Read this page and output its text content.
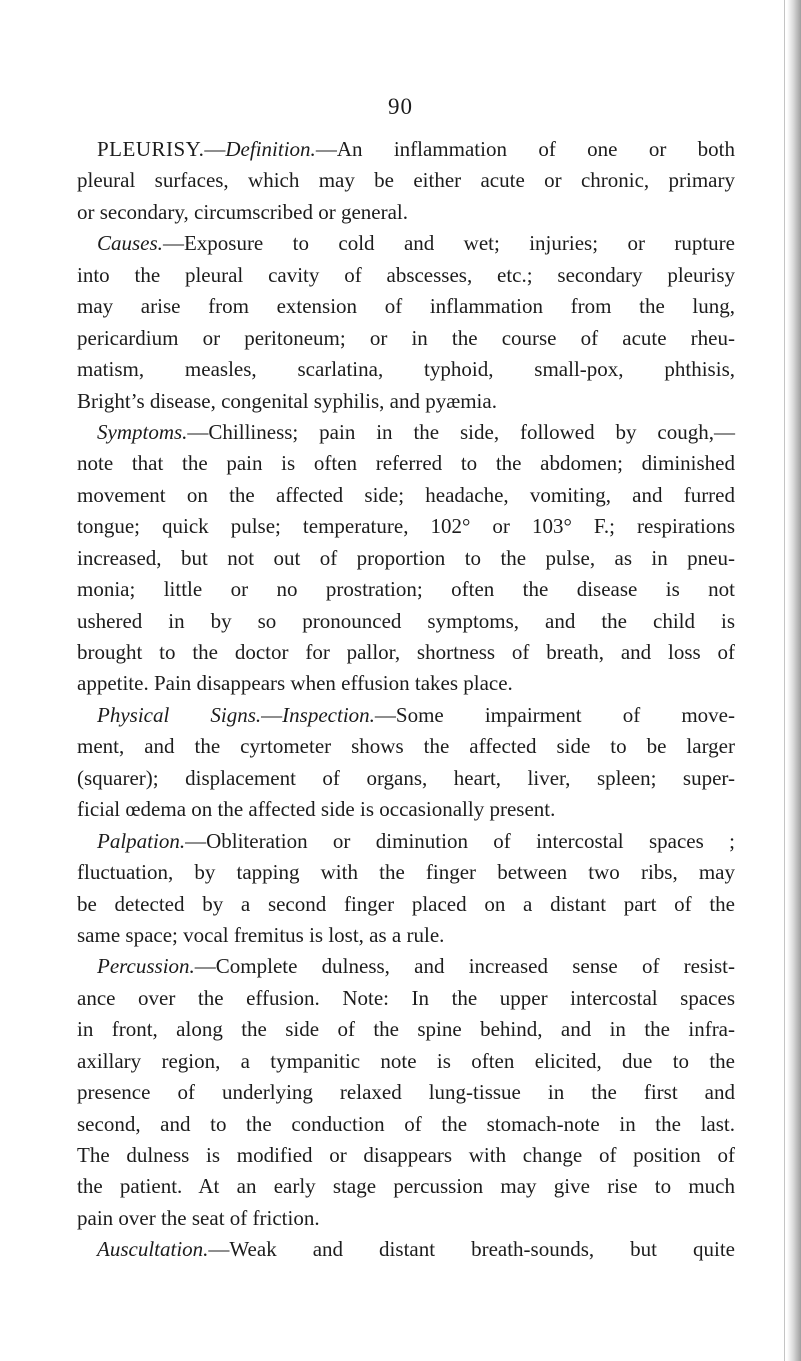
90
PLEURISY.—Definition.—An inflammation of one or both
pleural surfaces, which may be either acute or chronic, primary
or secondary, circumscribed or general.
Causes.—Exposure to cold and wet; injuries; or rupture
into the pleural cavity of abscesses, etc.; secondary pleurisy
may arise from extension of inflammation from the lung,
pericardium or peritoneum; or in the course of acute rheu-
matism, measles, scarlatina, typhoid, small-pox, phthisis,
Bright’s disease, congenital syphilis, and pyæmia.
Symptoms.—Chilliness; pain in the side, followed by cough,—
note that the pain is often referred to the abdomen; diminished
movement on the affected side; headache, vomiting, and furred
tongue; quick pulse; temperature, 102° or 103° F.; respirations
increased, but not out of proportion to the pulse, as in pneu-
monia; little or no prostration; often the disease is not
ushered in by so pronounced symptoms, and the child is
brought to the doctor for pallor, shortness of breath, and loss of
appetite. Pain disappears when effusion takes place.
Physical Signs.—Inspection.—Some impairment of move-
ment, and the cyrtometer shows the affected side to be larger
(squarer); displacement of organs, heart, liver, spleen; super-
ficial œdema on the affected side is occasionally present.
Palpation.—Obliteration or diminution of intercostal spaces ;
fluctuation, by tapping with the finger between two ribs, may
be detected by a second finger placed on a distant part of the
same space; vocal fremitus is lost, as a rule.
Percussion.—Complete dulness, and increased sense of resist-
ance over the effusion. Note: In the upper intercostal spaces
in front, along the side of the spine behind, and in the infra-
axillary region, a tympanitic note is often elicited, due to the
presence of underlying relaxed lung-tissue in the first and
second, and to the conduction of the stomach-note in the last.
The dulness is modified or disappears with change of position of
the patient. At an early stage percussion may give rise to much
pain over the seat of friction.
Auscultation.—Weak and distant breath-sounds, but quite
